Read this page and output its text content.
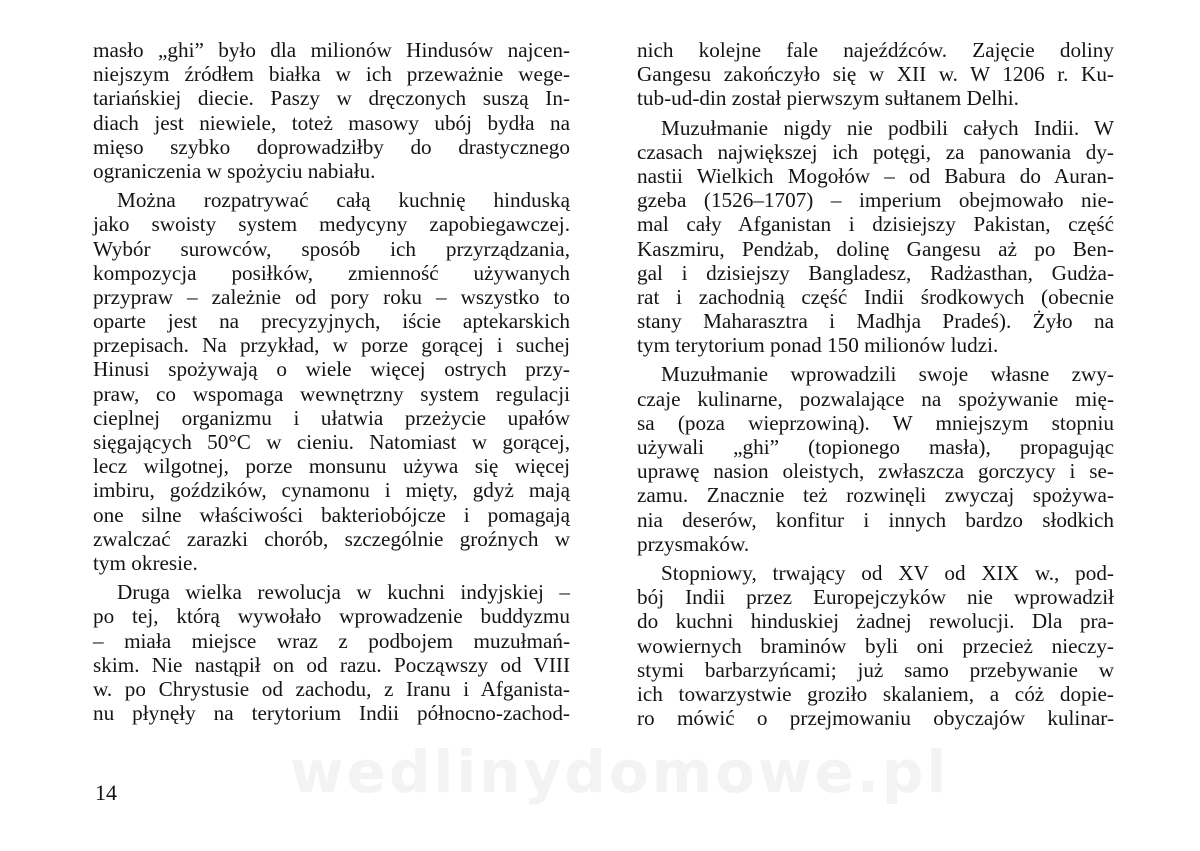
wedlinydomowe.pl
masło „ghi” było dla milionów Hindusów najcen-
niejszym źródłem białka w ich przeważnie wege-
tariańskiej diecie. Paszy w dręczonych suszą In-
diach jest niewiele, toteż masowy ubój bydła na
mięso szybko doprowadziłby do drastycznego
ograniczenia w spożyciu nabiału.
Można rozpatrywać całą kuchnię hinduską
jako swoisty system medycyny zapobiegawczej.
Wybór surowców, sposób ich przyrządzania,
kompozycja posiłków, zmienność używanych
przypraw – zależnie od pory roku – wszystko to
oparte jest na precyzyjnych, iście aptekarskich
przepisach. Na przykład, w porze gorącej i suchej
Hinusi spożywają o wiele więcej ostrych przy-
praw, co wspomaga wewnętrzny system regulacji
cieplnej organizmu i ułatwia przeżycie upałów
sięgających 50°C w cieniu. Natomiast w gorącej,
lecz wilgotnej, porze monsunu używa się więcej
imbiru, goździków, cynamonu i mięty, gdyż mają
one silne właściwości bakteriobójcze i pomagają
zwalczać zarazki chorób, szczególnie groźnych w
tym okresie.
Druga wielka rewolucja w kuchni indyjskiej –
po tej, którą wywołało wprowadzenie buddyzmu
– miała miejsce wraz z podbojem muzułmań-
skim. Nie nastąpił on od razu. Począwszy od VIII
w. po Chrystusie od zachodu, z Iranu i Afganista-
nu płynęły na terytorium Indii północno-zachod-
nich kolejne fale najeźdźców. Zajęcie doliny
Gangesu zakończyło się w XII w. W 1206 r. Ku-
tub-ud-din został pierwszym sułtanem Delhi.
Muzułmanie nigdy nie podbili całych Indii. W
czasach największej ich potęgi, za panowania dy-
nastii Wielkich Mogołów – od Babura do Auran-
gzeba (1526–1707) – imperium obejmowało nie-
mal cały Afganistan i dzisiejszy Pakistan, część
Kaszmiru, Pendżab, dolinę Gangesu aż po Ben-
gal i dzisiejszy Bangladesz, Radżasthan, Gudża-
rat i zachodnią część Indii środkowych (obecnie
stany Maharasztra i Madhja Pradeś). Żyło na
tym terytorium ponad 150 milionów ludzi.
Muzułmanie wprowadzili swoje własne zwy-
czaje kulinarne, pozwalające na spożywanie mię-
sa (poza wieprzowiną). W mniejszym stopniu
używali „ghi” (topionego masła), propagując
uprawę nasion oleistych, zwłaszcza gorczycy i se-
zamu. Znacznie też rozwinęli zwyczaj spożywa-
nia deserów, konfitur i innych bardzo słodkich
przysmaków.
Stopniowy, trwający od XV od XIX w., pod-
bój Indii przez Europejczyków nie wprowadził
do kuchni hinduskiej żadnej rewolucji. Dla pra-
wowiernych braminów byli oni przecież nieczy-
stymi barbarzyńcami; już samo przebywanie w
ich towarzystwie groziło skalaniem, a cóż dopie-
ro mówić o przejmowaniu obyczajów kulinar-
14
